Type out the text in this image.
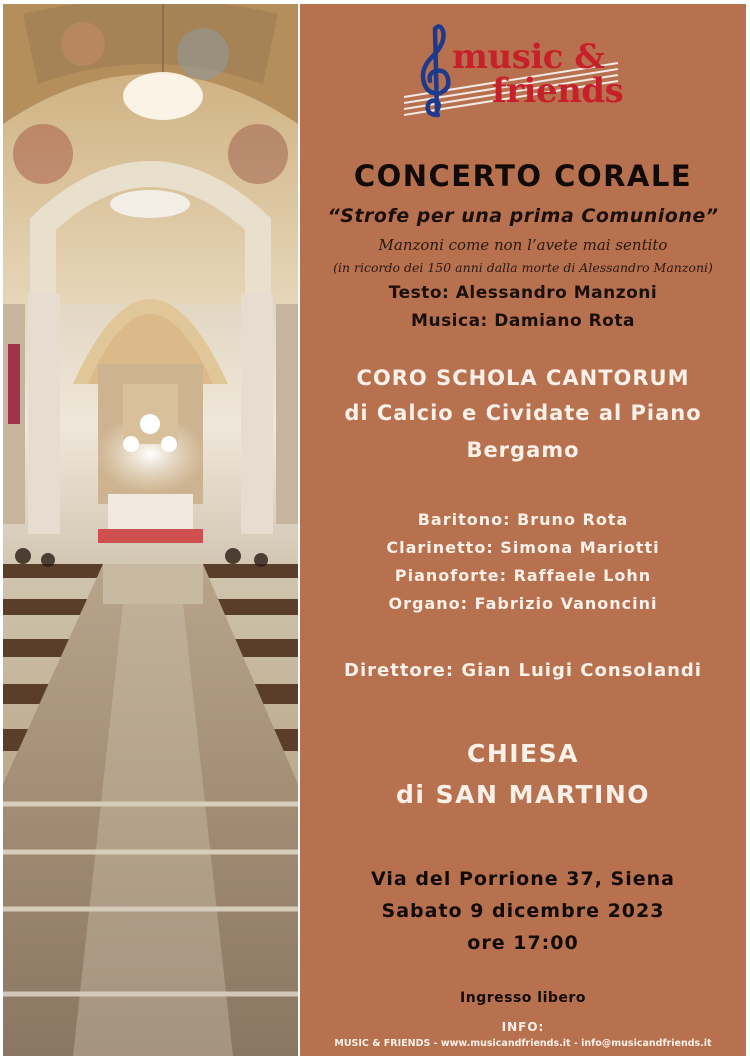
music &
friends
CONCERTO CORALE
“Strofe per una prima Comunione”
Manzoni come non l’avete mai sentito
(in ricordo dei 150 anni dalla morte di Alessandro Manzoni)
Testo: Alessandro Manzoni
Musica: Damiano Rota
CORO SCHOLA CANTORUM
di Calcio e Cividate al Piano
Bergamo
Baritono: Bruno Rota
Clarinetto: Simona Mariotti
Pianoforte: Raffaele Lohn
Organo: Fabrizio Vanoncini
Direttore: Gian Luigi Consolandi
CHIESA
di SAN MARTINO
Via del Porrione 37, Siena
Sabato 9 dicembre 2023
ore 17:00
Ingresso libero
INFO:
MUSIC & FRIENDS - www.musicandfriends.it - info@musicandfriends.it
